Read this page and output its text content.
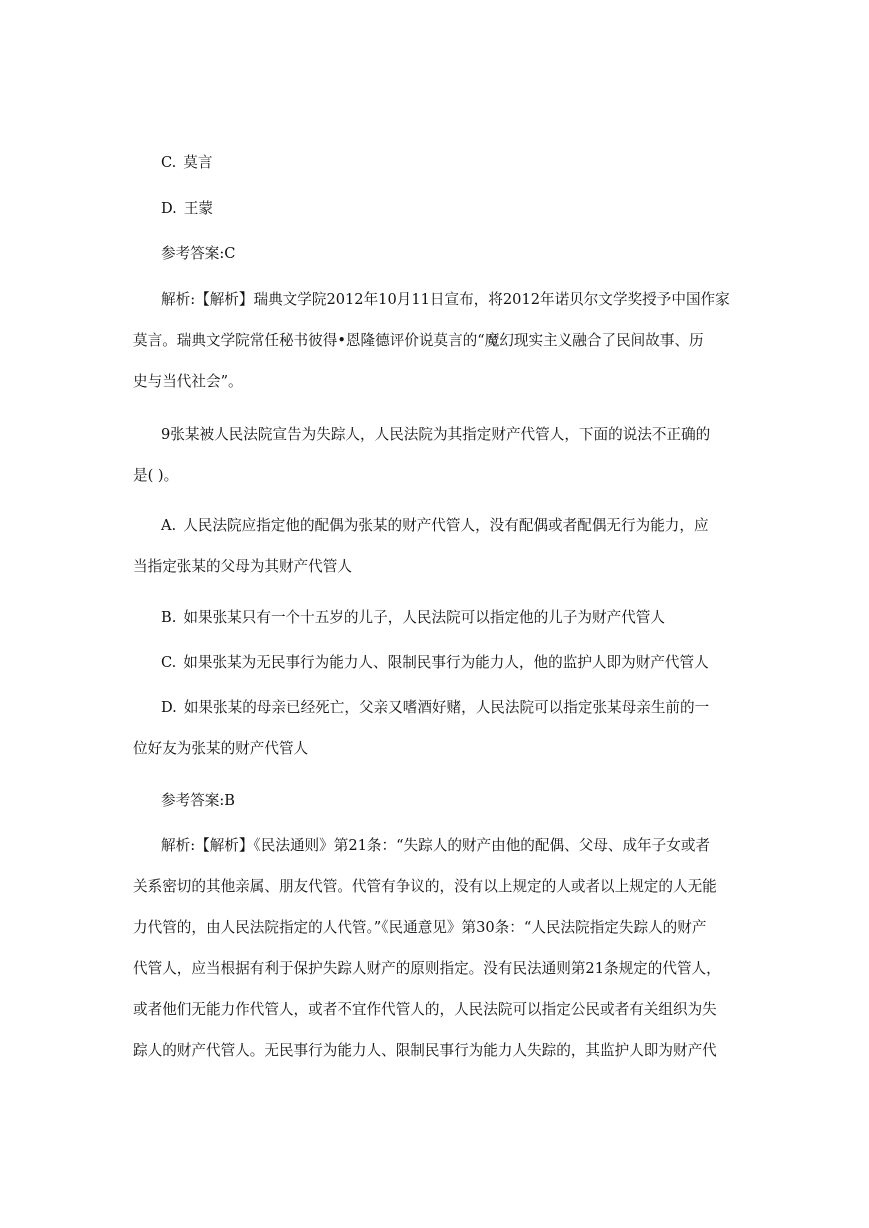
C. 莫言

D. 王蒙

参考答案:C

解析:【解析】瑞典文学院2012年10月11日宣布，将2012年诺贝尔文学奖授予中国作家
莫言。瑞典文学院常任秘书彼得•恩隆德评价说莫言的“魔幻现实主义融合了民间故事、历
史与当代社会”。

9张某被人民法院宣告为失踪人，人民法院为其指定财产代管人，下面的说法不正确的
是( )。

A. 人民法院应指定他的配偶为张某的财产代管人，没有配偶或者配偶无行为能力，应
当指定张某的父母为其财产代管人

B. 如果张某只有一个十五岁的儿子，人民法院可以指定他的儿子为财产代管人

C. 如果张某为无民事行为能力人、限制民事行为能力人，他的监护人即为财产代管人

D. 如果张某的母亲已经死亡，父亲又嗜酒好赌，人民法院可以指定张某母亲生前的一
位好友为张某的财产代管人

参考答案:B

解析:【解析】《民法通则》第21条：“失踪人的财产由他的配偶、父母、成年子女或者
关系密切的其他亲属、朋友代管。代管有争议的，没有以上规定的人或者以上规定的人无能
力代管的，由人民法院指定的人代管。”《民通意见》第30条：“人民法院指定失踪人的财产
代管人，应当根据有利于保护失踪人财产的原则指定。没有民法通则第21条规定的代管人，
或者他们无能力作代管人，或者不宜作代管人的，人民法院可以指定公民或者有关组织为失
踪人的财产代管人。无民事行为能力人、限制民事行为能力人失踪的，其监护人即为财产代
